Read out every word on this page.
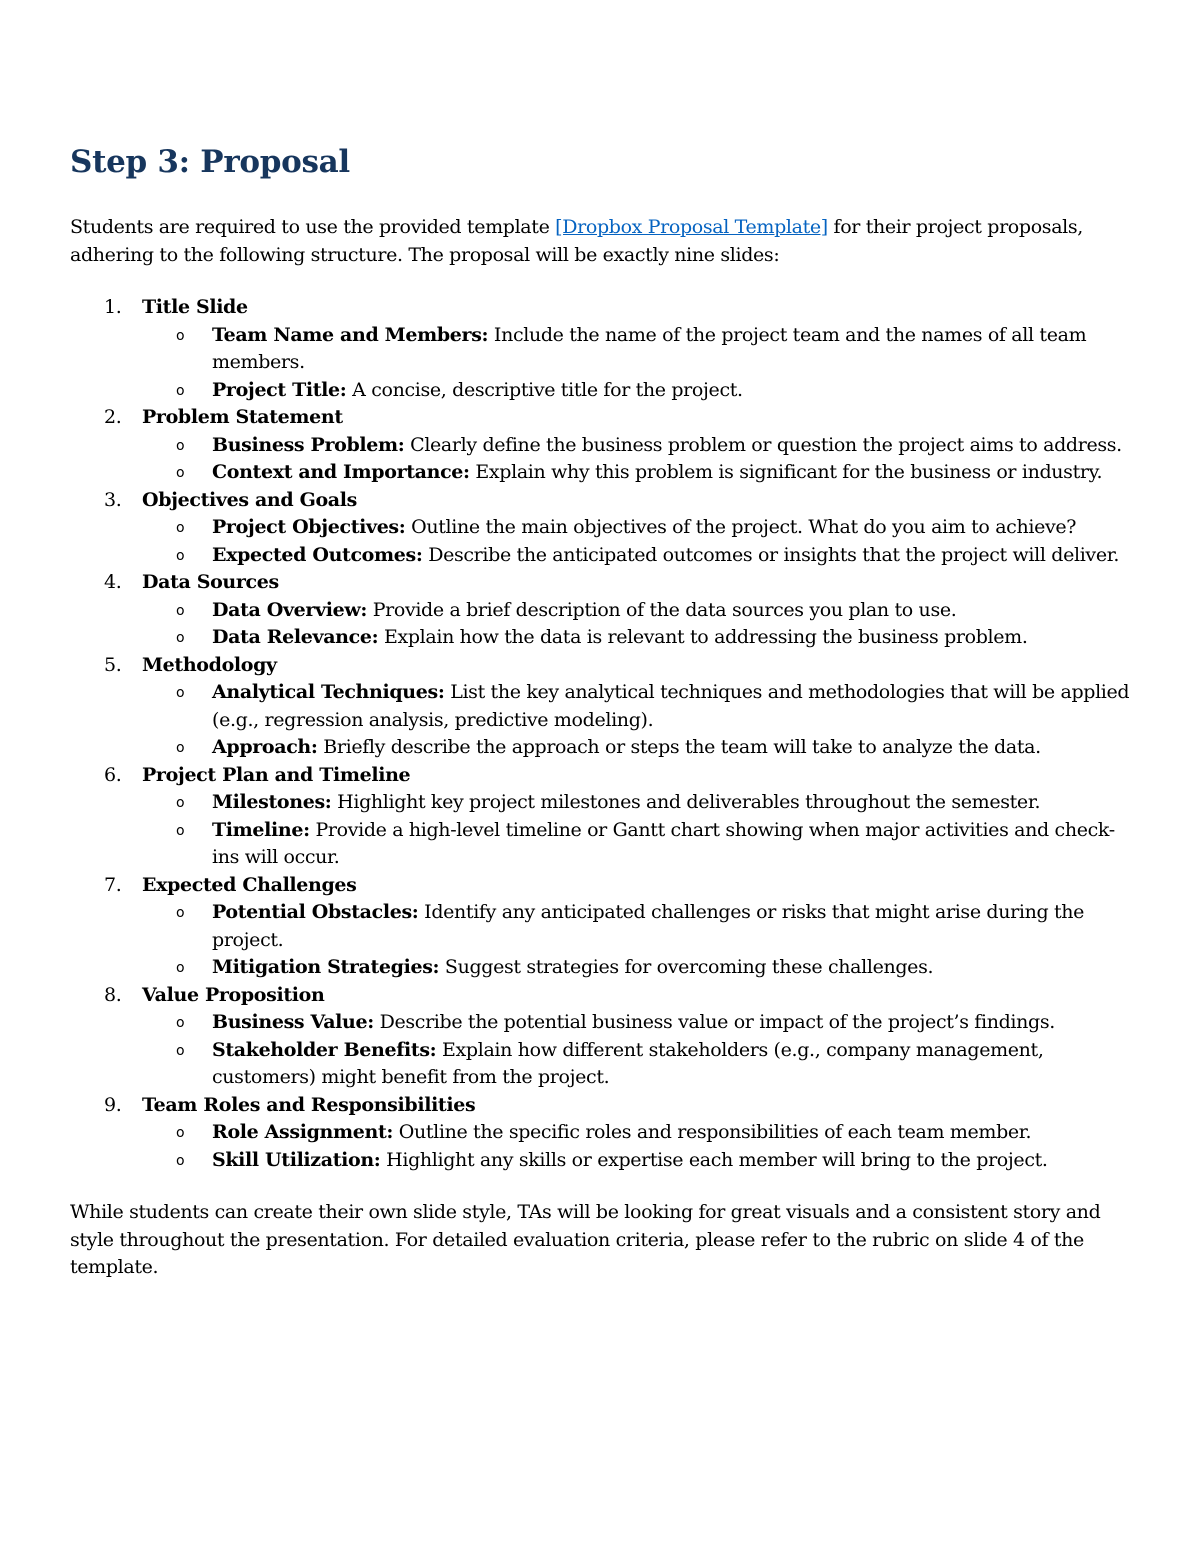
Step 3: Proposal

Students are required to use the provided template [Dropbox Proposal Template] for their project proposals, adhering to the following structure. The proposal will be exactly nine slides:

1. Title Slide
o Team Name and Members: Include the name of the project team and the names of all team members.
o Project Title: A concise, descriptive title for the project.
2. Problem Statement
o Business Problem: Clearly define the business problem or question the project aims to address.
o Context and Importance: Explain why this problem is significant for the business or industry.
3. Objectives and Goals
o Project Objectives: Outline the main objectives of the project. What do you aim to achieve?
o Expected Outcomes: Describe the anticipated outcomes or insights that the project will deliver.
4. Data Sources
o Data Overview: Provide a brief description of the data sources you plan to use.
o Data Relevance: Explain how the data is relevant to addressing the business problem.
5. Methodology
o Analytical Techniques: List the key analytical techniques and methodologies that will be applied (e.g., regression analysis, predictive modeling).
o Approach: Briefly describe the approach or steps the team will take to analyze the data.
6. Project Plan and Timeline
o Milestones: Highlight key project milestones and deliverables throughout the semester.
o Timeline: Provide a high-level timeline or Gantt chart showing when major activities and check-ins will occur.
7. Expected Challenges
o Potential Obstacles: Identify any anticipated challenges or risks that might arise during the project.
o Mitigation Strategies: Suggest strategies for overcoming these challenges.
8. Value Proposition
o Business Value: Describe the potential business value or impact of the project’s findings.
o Stakeholder Benefits: Explain how different stakeholders (e.g., company management, customers) might benefit from the project.
9. Team Roles and Responsibilities
o Role Assignment: Outline the specific roles and responsibilities of each team member.
o Skill Utilization: Highlight any skills or expertise each member will bring to the project.

While students can create their own slide style, TAs will be looking for great visuals and a consistent story and style throughout the presentation. For detailed evaluation criteria, please refer to the rubric on slide 4 of the template.
